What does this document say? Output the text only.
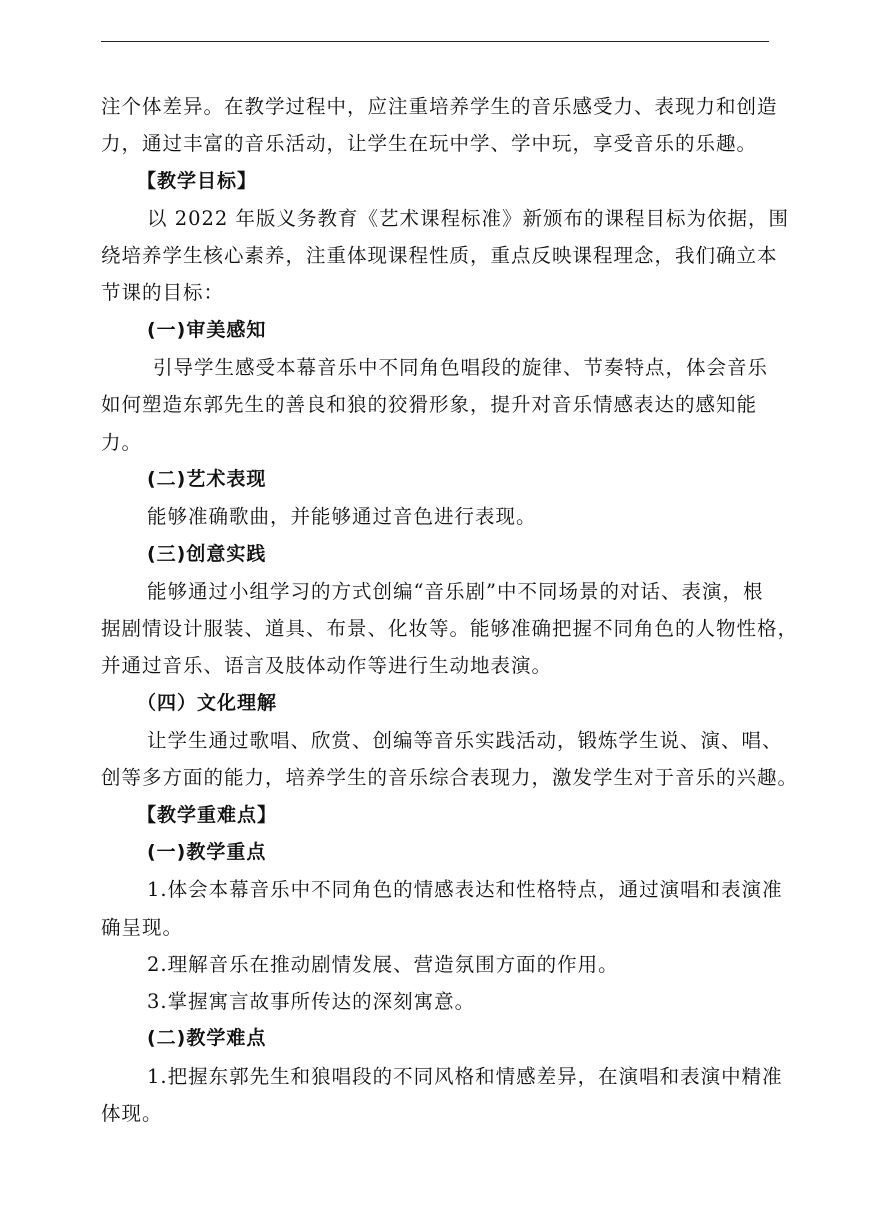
注个体差异。在教学过程中，应注重培养学生的音乐感受力、表现力和创造
力，通过丰富的音乐活动，让学生在玩中学、学中玩，享受音乐的乐趣。
【教学目标】
以 2022 年版义务教育《艺术课程标准》新颁布的课程目标为依据，围
绕培养学生核心素养，注重体现课程性质，重点反映课程理念，我们确立本
节课的目标：
(一)审美感知
引导学生感受本幕音乐中不同角色唱段的旋律、节奏特点，体会音乐
如何塑造东郭先生的善良和狼的狡猾形象，提升对音乐情感表达的感知能
力。
(二)艺术表现
能够准确歌曲，并能够通过音色进行表现。
(三)创意实践
能够通过小组学习的方式创编“音乐剧”中不同场景的对话、表演，根
据剧情设计服装、道具、布景、化妆等。能够准确把握不同角色的人物性格，
并通过音乐、语言及肢体动作等进行生动地表演。
（四）文化理解
让学生通过歌唱、欣赏、创编等音乐实践活动，锻炼学生说、演、唱、
创等多方面的能力，培养学生的音乐综合表现力，激发学生对于音乐的兴趣。
【教学重难点】
(一)教学重点
1.体会本幕音乐中不同角色的情感表达和性格特点，通过演唱和表演准
确呈现。
2.理解音乐在推动剧情发展、营造氛围方面的作用。
3.掌握寓言故事所传达的深刻寓意。
(二)教学难点
1.把握东郭先生和狼唱段的不同风格和情感差异，在演唱和表演中精准
体现。
